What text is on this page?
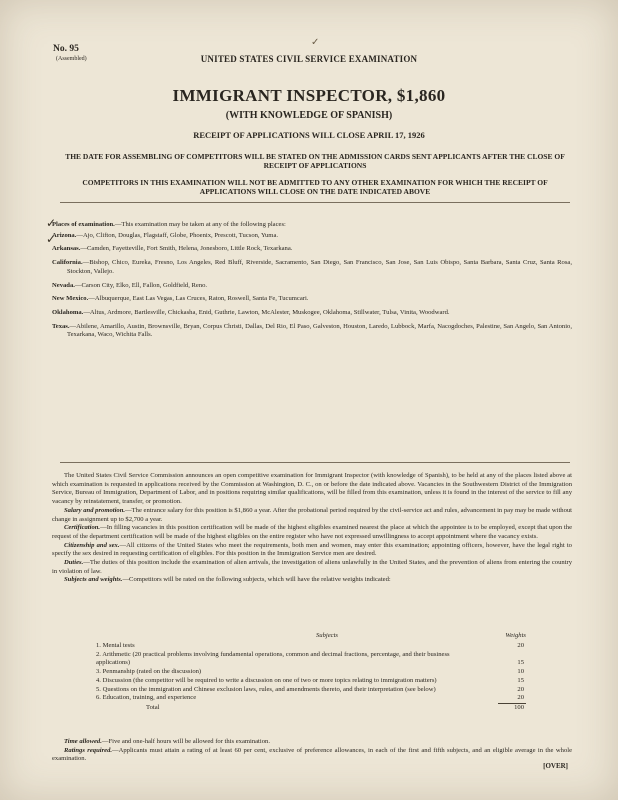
✓
No. 95
(Assembled)	UNITED STATES CIVIL SERVICE EXAMINATION
IMMIGRANT INSPECTOR, $1,860
(WITH KNOWLEDGE OF SPANISH)
RECEIPT OF APPLICATIONS WILL CLOSE APRIL 17, 1926
THE DATE FOR ASSEMBLING OF COMPETITORS WILL BE STATED ON THE ADMISSION CARDS SENT APPLICANTS AFTER THE CLOSE OF RECEIPT OF APPLICATIONS
COMPETITORS IN THIS EXAMINATION WILL NOT BE ADMITTED TO ANY OTHER EXAMINATION FOR WHICH THE RECEIPT OF APPLICATIONS WILL CLOSE ON THE DATE INDICATED ABOVE
✓
✓

Places of examination.—This examination may be taken at any of the following places:

Arizona.—Ajo, Clifton, Douglas, Flagstaff, Globe, Phoenix, Prescott, Tucson, Yuma.

Arkansas.—Camden, Fayetteville, Fort Smith, Helena, Jonesboro, Little Rock, Texarkana.

California.—Bishop, Chico, Eureka, Fresno, Los Angeles, Red Bluff, Riverside, Sacramento, San Diego, San Francisco, San Jose, San Luis Obispo, Santa Barbara, Santa Cruz, Santa Rosa, Stockton, Vallejo.

Nevada.—Carson City, Elko, Ell, Fallon, Goldfield, Reno.

New Mexico.—Albuquerque, East Las Vegas, Las Cruces, Raton, Roswell, Santa Fe, Tucumcari.

Oklahoma.—Altus, Ardmore, Bartlesville, Chickasha, Enid, Guthrie, Lawton, McAlester, Muskogee, Oklahoma, Stillwater, Tulsa, Vinita, Woodward.

Texas.—Abilene, Amarillo, Austin, Brownsville, Bryan, Corpus Christi, Dallas, Del Rio, El Paso, Galveston, Houston, Laredo, Lubbock, Marfa, Nacogdoches, Palestine, San Angelo, San Antonio, Texarkana, Waco, Wichita Falls.

The United States Civil Service Commission announces an open competitive examination for Immigrant Inspector (with knowledge of Spanish), to be held at any of the places listed above at which examination is requested in applications received by the Commission at Washington, D. C., on or before the date indicated above. Vacancies in the Southwestern District of the Immigration Service, Bureau of Immigration, Department of Labor, and in positions requiring similar qualifications, will be filled from this examination, unless it is found in the interest of the service to fill any vacancy by reinstatement, transfer, or promotion.

Salary and promotion.—The entrance salary for this position is $1,860 a year. After the probational period required by the civil-service act and rules, advancement in pay may be made without change in assignment up to $2,700 a year.

Certification.—In filling vacancies in this position certification will be made of the highest eligibles examined nearest the place at which the appointee is to be employed, except that upon the request of the department certification will be made of the highest eligibles on the entire register who have not expressed unwillingness to accept appointment where the vacancy exists.

Citizenship and sex.—All citizens of the United States who meet the requirements, both men and women, may enter this examination; appointing officers, however, have the legal right to specify the sex desired in requesting certification of eligibles. For this position in the Immigration Service men are desired.

Duties.—The duties of this position include the examination of alien arrivals, the investigation of aliens unlawfully in the United States, and the prevention of aliens from entering the country in violation of law.

Subjects and weights.—Competitors will be rated on the following subjects, which will have the relative weights indicated:

Subjects	Weights
1. Mental tests	20
2. Arithmetic (20 practical problems involving fundamental operations, common and decimal fractions, percentage, and their business applications)	15
3. Penmanship (rated on the discussion)	10
4. Discussion (the competitor will be required to write a discussion on one of two or more topics relating to immigration matters)	15
5. Questions on the immigration and Chinese exclusion laws, rules, and amendments thereto, and their interpretation (see below)	20
6. Education, training, and experience	20
Total	100

Time allowed.—Five and one-half hours will be allowed for this examination.

Ratings required.—Applicants must attain a rating of at least 60 per cent, exclusive of preference allowances, in each of the first and fifth subjects, and an eligible average in the whole examination.

[OVER]
